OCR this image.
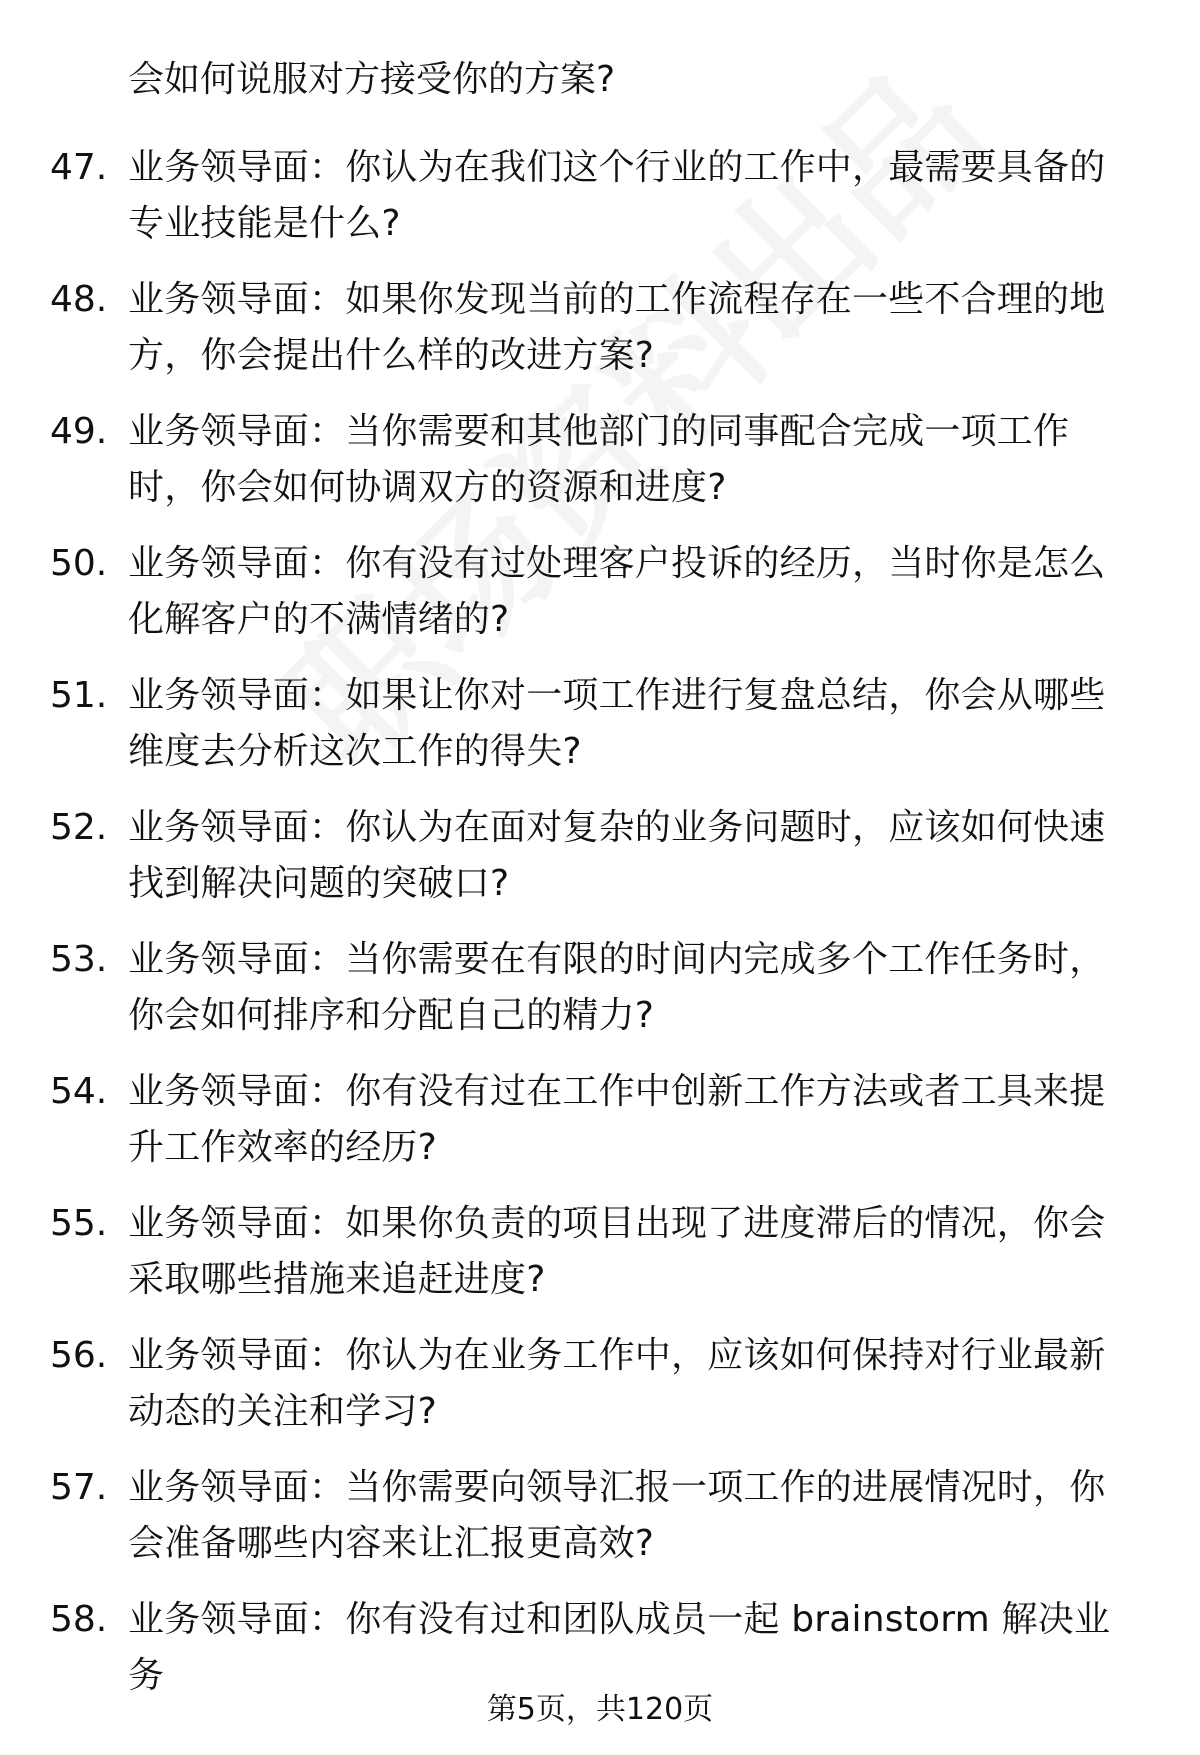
会如何说服对方接受你的方案?
47. 业务领导面：你认为在我们这个行业的工作中，最需要具备的专业技能是什么?
48. 业务领导面：如果你发现当前的工作流程存在一些不合理的地方，你会提出什么样的改进方案?
49. 业务领导面：当你需要和其他部门的同事配合完成一项工作时，你会如何协调双方的资源和进度?
50. 业务领导面：你有没有过处理客户投诉的经历，当时你是怎么化解客户的不满情绪的?
51. 业务领导面：如果让你对一项工作进行复盘总结，你会从哪些维度去分析这次工作的得失?
52. 业务领导面：你认为在面对复杂的业务问题时，应该如何快速找到解决问题的突破口?
53. 业务领导面：当你需要在有限的时间内完成多个工作任务时，你会如何排序和分配自己的精力?
54. 业务领导面：你有没有过在工作中创新工作方法或者工具来提升工作效率的经历?
55. 业务领导面：如果你负责的项目出现了进度滞后的情况，你会采取哪些措施来追赶进度?
56. 业务领导面：你认为在业务工作中，应该如何保持对行业最新动态的关注和学习?
57. 业务领导面：当你需要向领导汇报一项工作的进展情况时，你会准备哪些内容来让汇报更高效?
58. 业务领导面：你有没有过和团队成员一起 brainstorm 解决业务
第5页，共120页
